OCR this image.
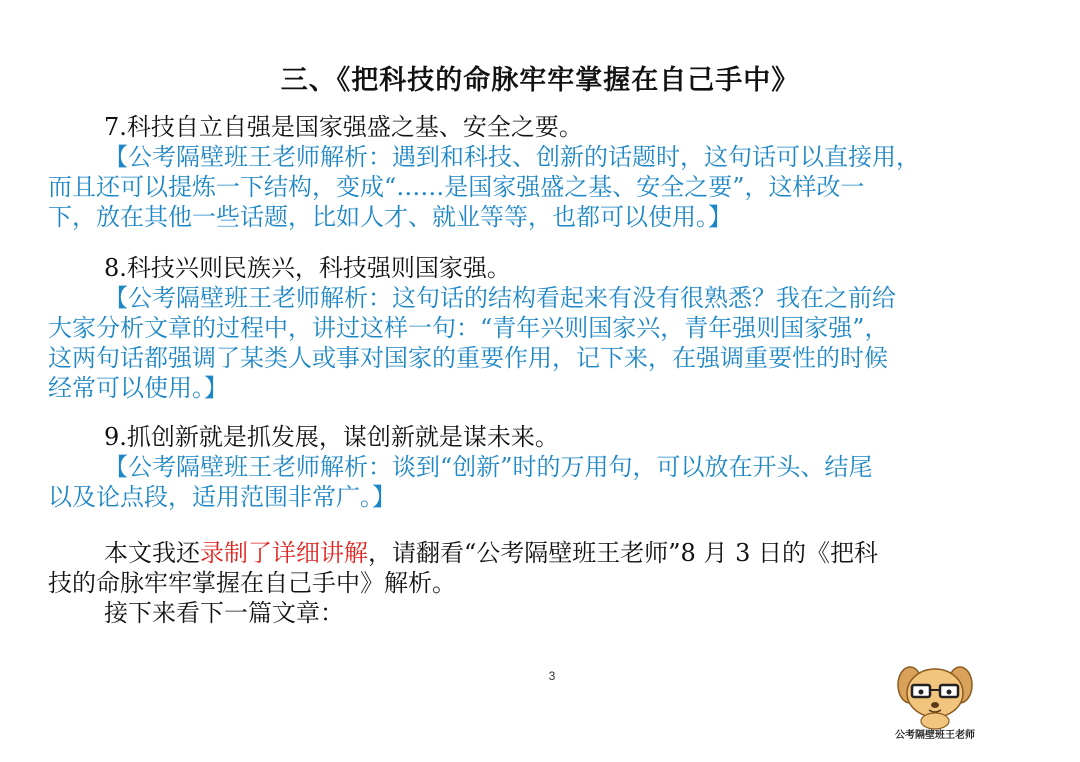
三、《把科技的命脉牢牢掌握在自己手中》
7.科技自立自强是国家强盛之基、安全之要。
【公考隔壁班王老师解析：遇到和科技、创新的话题时，这句话可以直接用，
而且还可以提炼一下结构，变成“……是国家强盛之基、安全之要”，这样改一
下，放在其他一些话题，比如人才、就业等等，也都可以使用。】
8.科技兴则民族兴，科技强则国家强。
【公考隔壁班王老师解析：这句话的结构看起来有没有很熟悉？我在之前给
大家分析文章的过程中，讲过这样一句：“青年兴则国家兴，青年强则国家强”，
这两句话都强调了某类人或事对国家的重要作用，记下来，在强调重要性的时候
经常可以使用。】
9.抓创新就是抓发展，谋创新就是谋未来。
【公考隔壁班王老师解析：谈到“创新”时的万用句，可以放在开头、结尾
以及论点段，适用范围非常广。】
本文我还录制了详细讲解，请翻看“公考隔壁班王老师”8 月 3 日的《把科
技的命脉牢牢掌握在自己手中》解析。
接下来看下一篇文章：
3
公考隔壁班王老师
